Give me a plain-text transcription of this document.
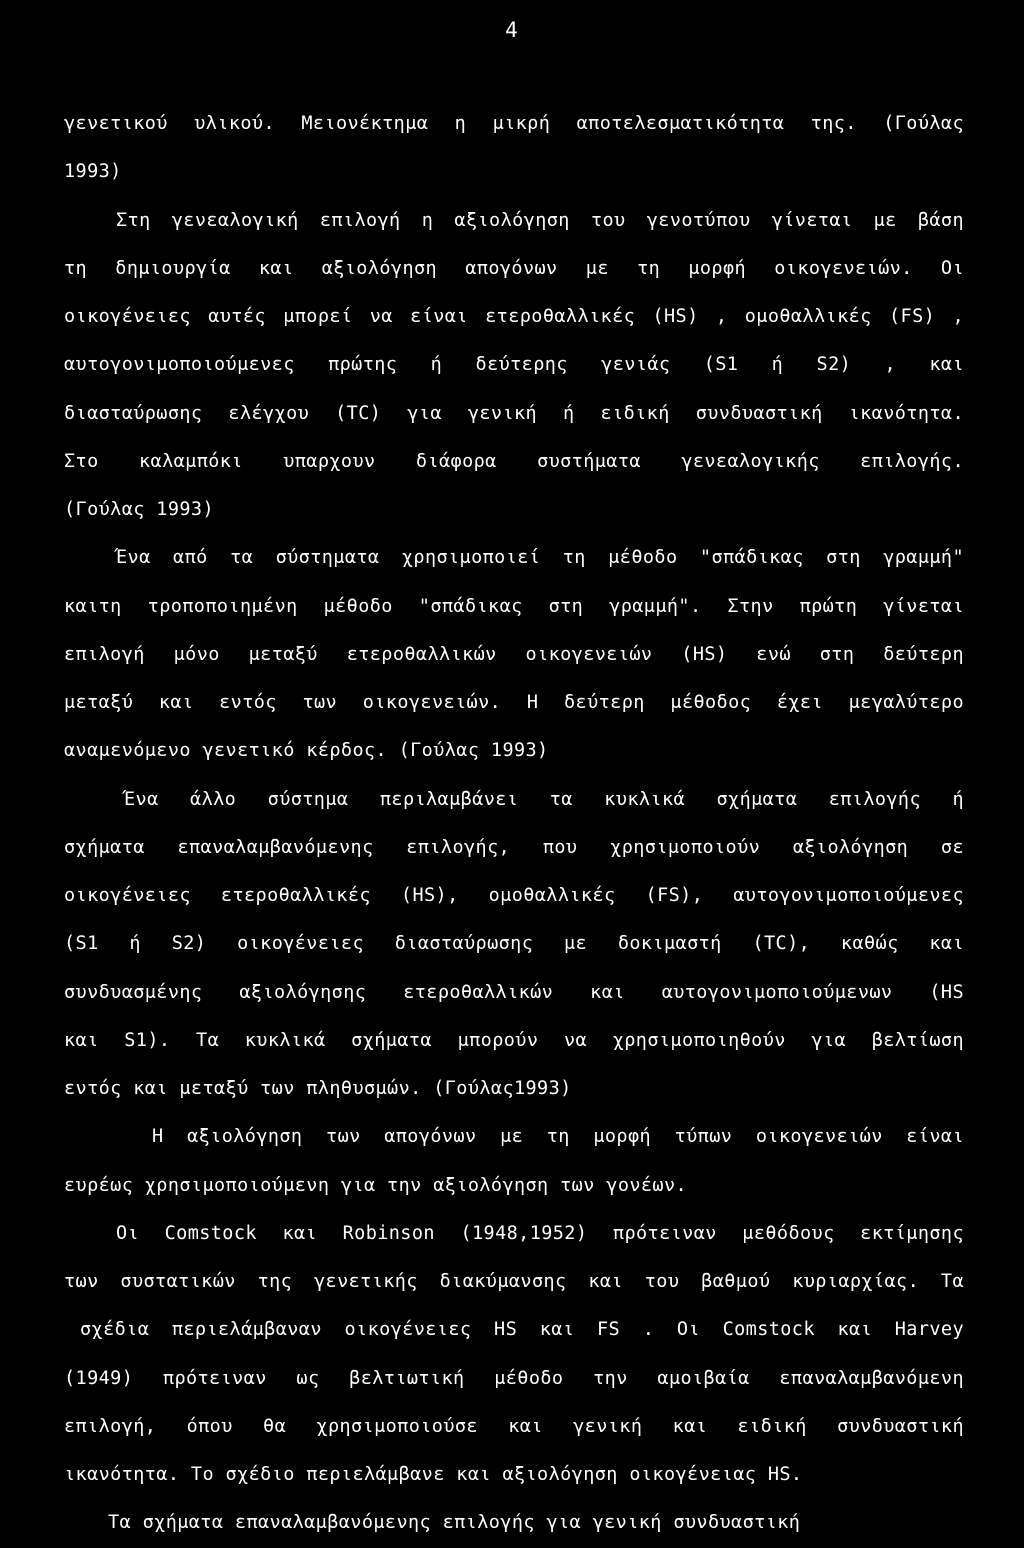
4
γενετικού υλικού. Μειονέκτημα η μικρή αποτελεσματικότητα της. (Γούλας
1993)
Στη γενεαλογική επιλογή η αξιολόγηση του γενοτύπου γίνεται με βάση
τη δημιουργία και αξιολόγηση απογόνων με τη μορφή οικογενειών. Οι
οικογένειες αυτές μπορεί να είναι ετεροθαλλικές (HS) , ομοθαλλικές (FS) ,
αυτογονιμοποιούμενες πρώτης ή δεύτερης γενιάς (S1 ή S2) , και
διασταύρωσης ελέγχου (TC) για γενική ή ειδική συνδυαστική ικανότητα.
Στο καλαμπόκι υπαρχουν διάφορα συστήματα γενεαλογικής επιλογής.
(Γούλας 1993)
Ένα από τα σύστηματα χρησιμοποιεί τη μέθοδο "σπάδικας στη γραμμή"
καιτη τροποποιημένη μέθοδο "σπάδικας στη γραμμή". Στην πρώτη γίνεται
επιλογή μόνο μεταξύ ετεροθαλλικών οικογενειών (HS) ενώ στη δεύτερη
μεταξύ και εντός των οικογενειών. Η δεύτερη μέθοδος έχει μεγαλύτερο
αναμενόμενο γενετικό κέρδος. (Γούλας 1993)
Ένα άλλο σύστημα περιλαμβάνει τα κυκλικά σχήματα επιλογής ή
σχήματα επαναλαμβανόμενης επιλογής, που χρησιμοποιούν αξιολόγηση σε
οικογένειες ετεροθαλλικές (HS), ομοθαλλικές (FS), αυτογονιμοποιούμενες
(S1 ή S2) οικογένειες διασταύρωσης με δοκιμαστή (TC), καθώς και
συνδυασμένης αξιολόγησης ετεροθαλλικών και αυτογονιμοποιούμενων (HS
και S1). Τα κυκλικά σχήματα μπορούν να χρησιμοποιηθούν για βελτίωση
εντός και μεταξύ των πληθυσμών. (Γούλας1993)
Η αξιολόγηση των απογόνων με τη μορφή τύπων οικογενειών είναι
ευρέως χρησιμοποιούμενη για την αξιολόγηση των γονέων.
Οι Comstock και Robinson (1948,1952) πρότειναν μεθόδους εκτίμησης
των συστατικών της γενετικής διακύμανσης και του βαθμού κυριαρχίας. Τα
σχέδια περιελάμβαναν οικογένειες HS και FS . Οι Comstock και Harvey
(1949) πρότειναν ως βελτιωτική μέθοδο την αμοιβαία επαναλαμβανόμενη
επιλογή, όπου θα χρησιμοποιούσε και γενική και ειδική συνδυαστική
ικανότητα. Το σχέδιο περιελάμβανε και αξιολόγηση οικογένειας HS.
Τα σχήματα επαναλαμβανόμενης επιλογής για γενική συνδυαστική
